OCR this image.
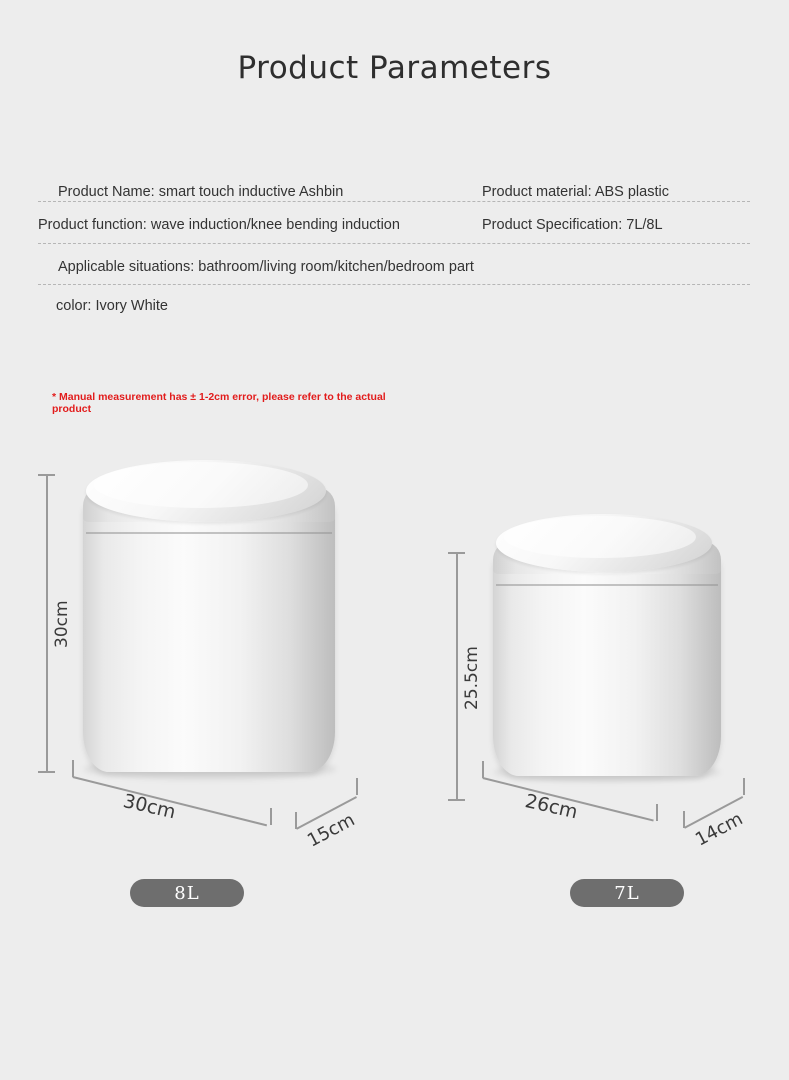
Product Parameters
Product Name: smart touch inductive Ashbin	Product material: ABS plastic
Product function: wave induction/knee bending induction	Product Specification: 7L/8L
Applicable situations: bathroom/living room/kitchen/bedroom part
color: Ivory White
* Manual measurement has ± 1-2cm error, please refer to the actual product
30cm
30cm
15cm
25.5cm
26cm
14cm
8L	7L
